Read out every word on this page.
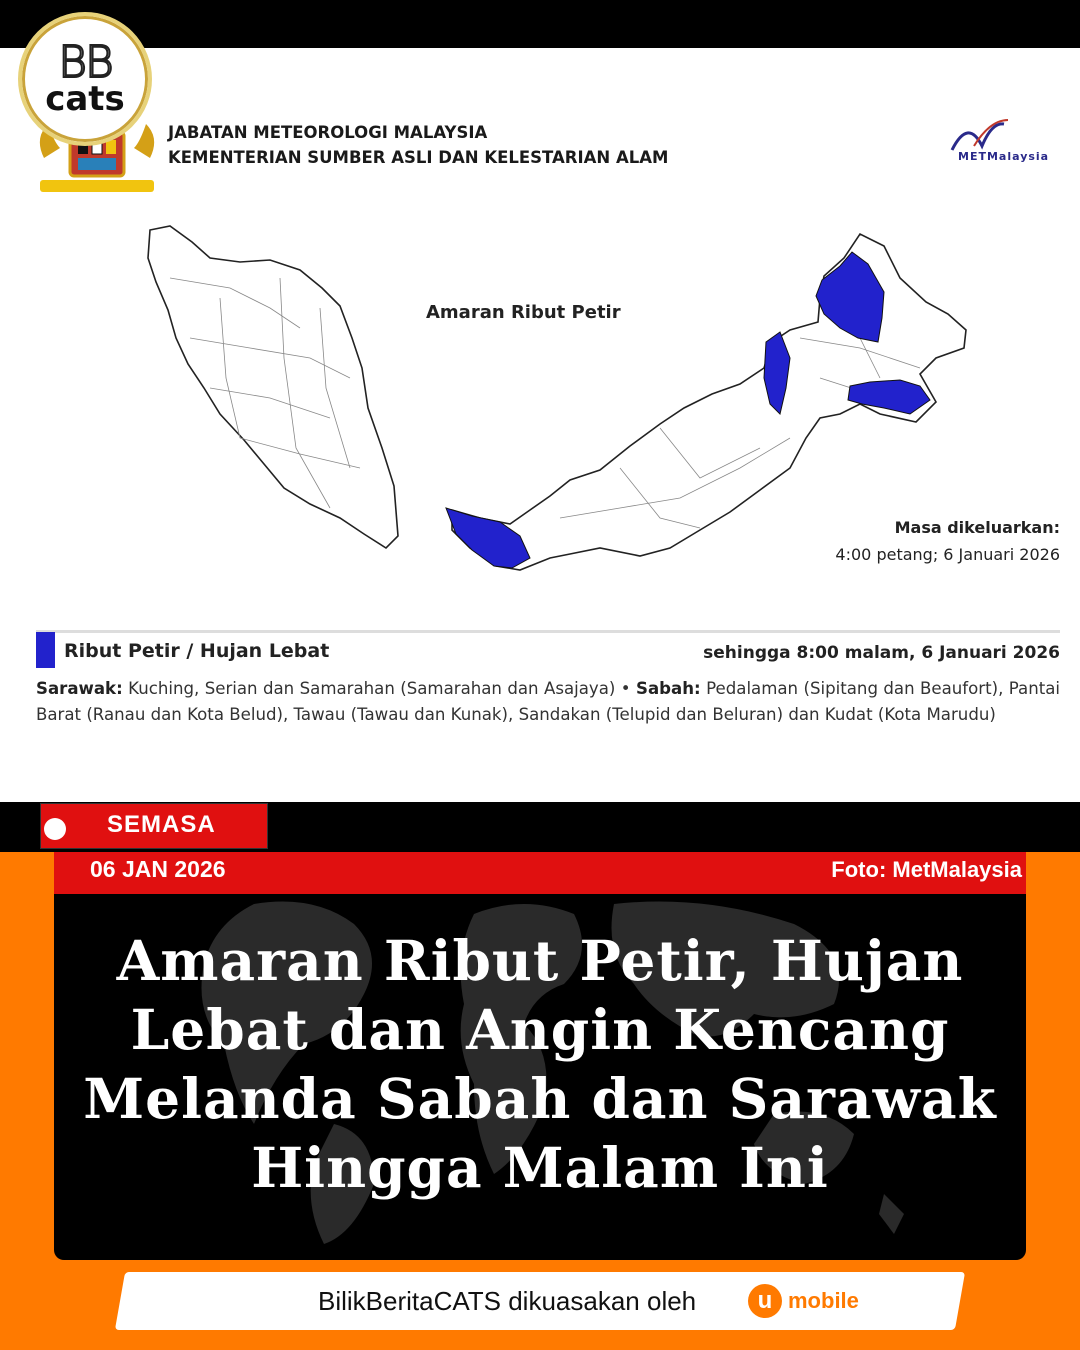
JABATAN METEOROLOGI MALAYSIA
KEMENTERIAN SUMBER ASLI DAN KELESTARIAN ALAM	METMalaysia
Amaran Ribut Petir
Masa dikeluarkan:
4:00 petang; 6 Januari 2026
Ribut Petir / Hujan Lebat	sehingga 8:00 malam, 6 Januari 2026
Sarawak: Kuching, Serian dan Samarahan (Samarahan dan Asajaya) • Sabah: Pedalaman (Sipitang dan Beaufort), Pantai Barat (Ranau dan Kota Belud), Tawau (Tawau dan Kunak), Sandakan (Telupid dan Beluran) dan Kudat (Kota Marudu)
BB
cats
SEMASA
06 JAN 2026	Foto: MetMalaysia
Amaran Ribut Petir, Hujan Lebat dan Angin Kencang Melanda Sabah dan Sarawak Hingga Malam Ini
BilikBeritaCATS dikuasakan oleh	u mobile
